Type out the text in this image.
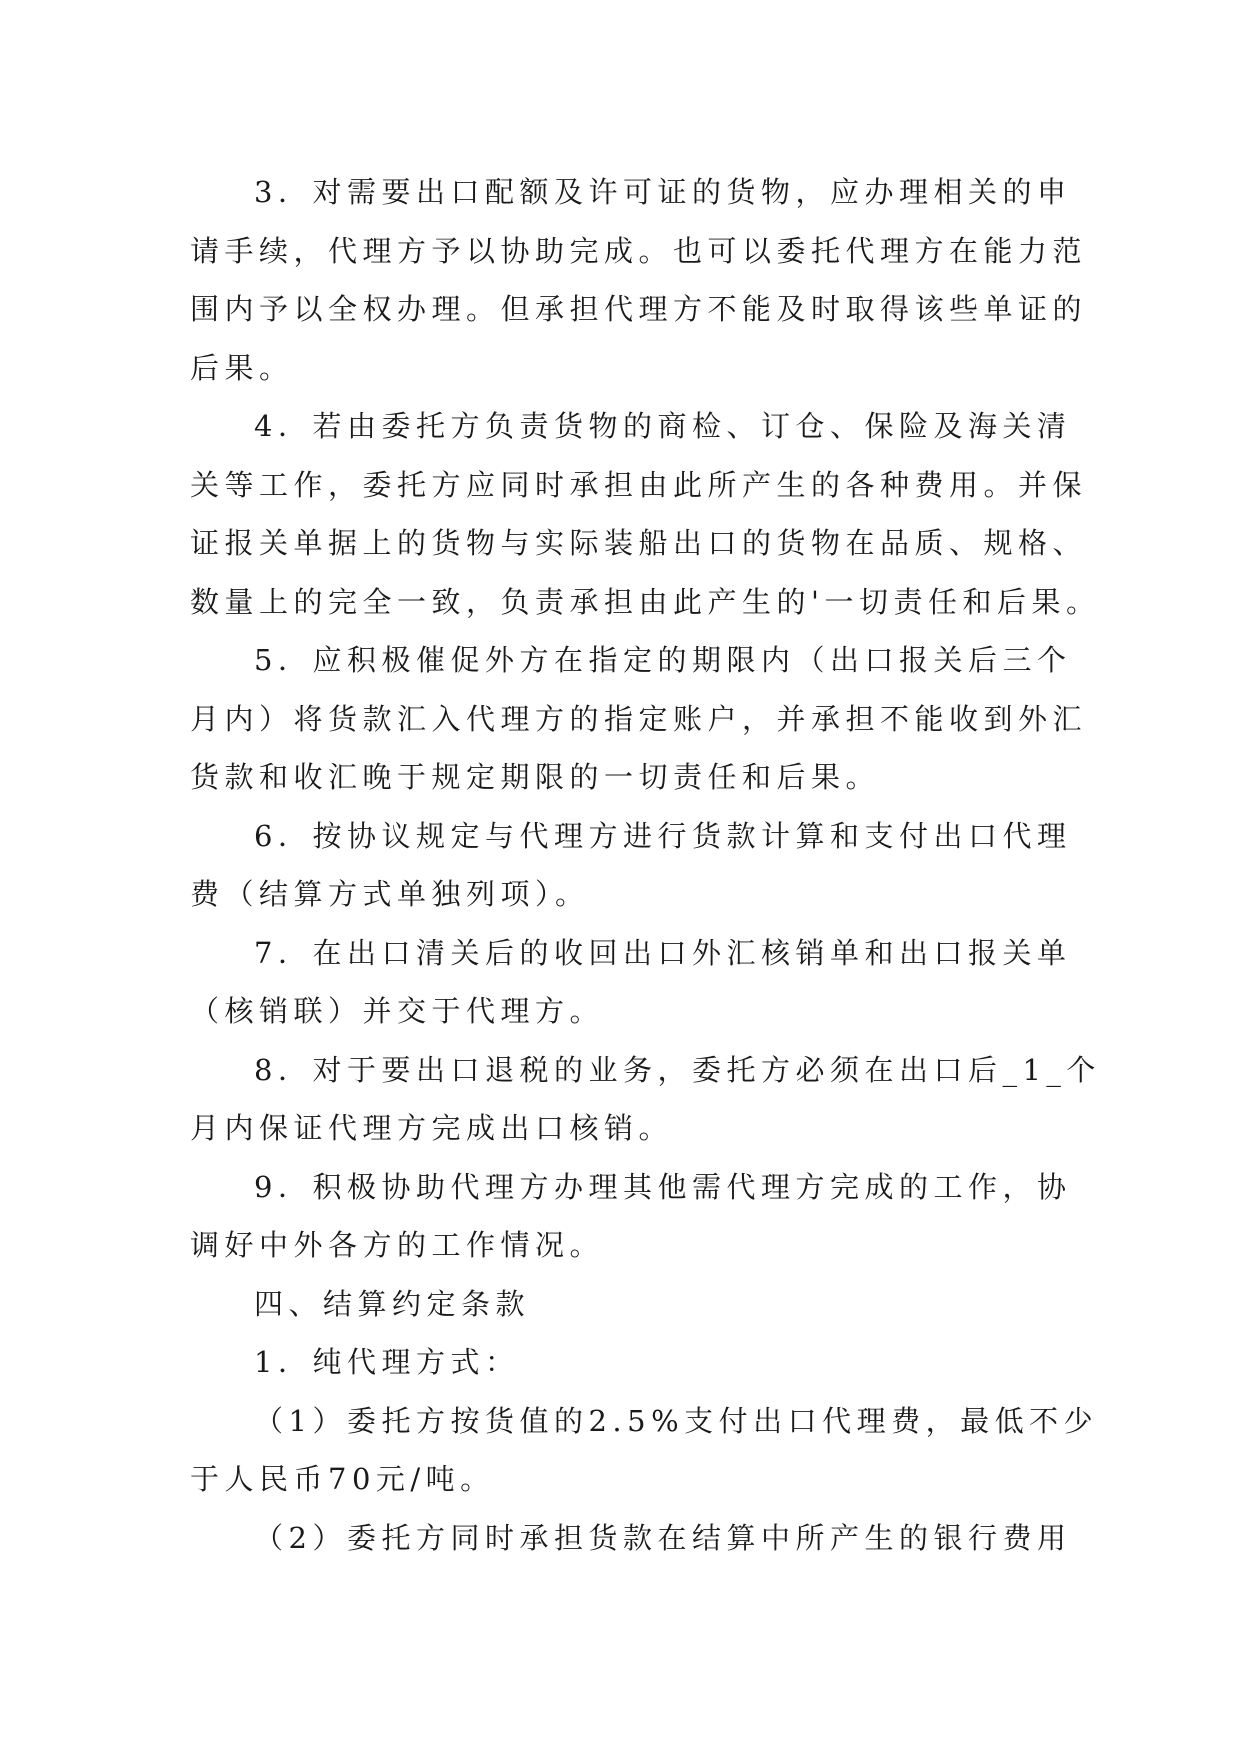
3．对需要出口配额及许可证的货物，应办理相关的申
请手续，代理方予以协助完成。也可以委托代理方在能力范
围内予以全权办理。但承担代理方不能及时取得该些单证的
后果。
4．若由委托方负责货物的商检、订仓、保险及海关清
关等工作，委托方应同时承担由此所产生的各种费用。并保
证报关单据上的货物与实际装船出口的货物在品质、规格、
数量上的完全一致，负责承担由此产生的'一切责任和后果。
5．应积极催促外方在指定的期限内（出口报关后三个
月内）将货款汇入代理方的指定账户，并承担不能收到外汇
货款和收汇晚于规定期限的一切责任和后果。
6．按协议规定与代理方进行货款计算和支付出口代理
费（结算方式单独列项）。
7．在出口清关后的收回出口外汇核销单和出口报关单
（核销联）并交于代理方。
8．对于要出口退税的业务，委托方必须在出口后_1_个
月内保证代理方完成出口核销。
9．积极协助代理方办理其他需代理方完成的工作，协
调好中外各方的工作情况。
四、结算约定条款
1．纯代理方式：
（1）委托方按货值的2.5%支付出口代理费，最低不少
于人民币70元/吨。
（2）委托方同时承担货款在结算中所产生的银行费用
